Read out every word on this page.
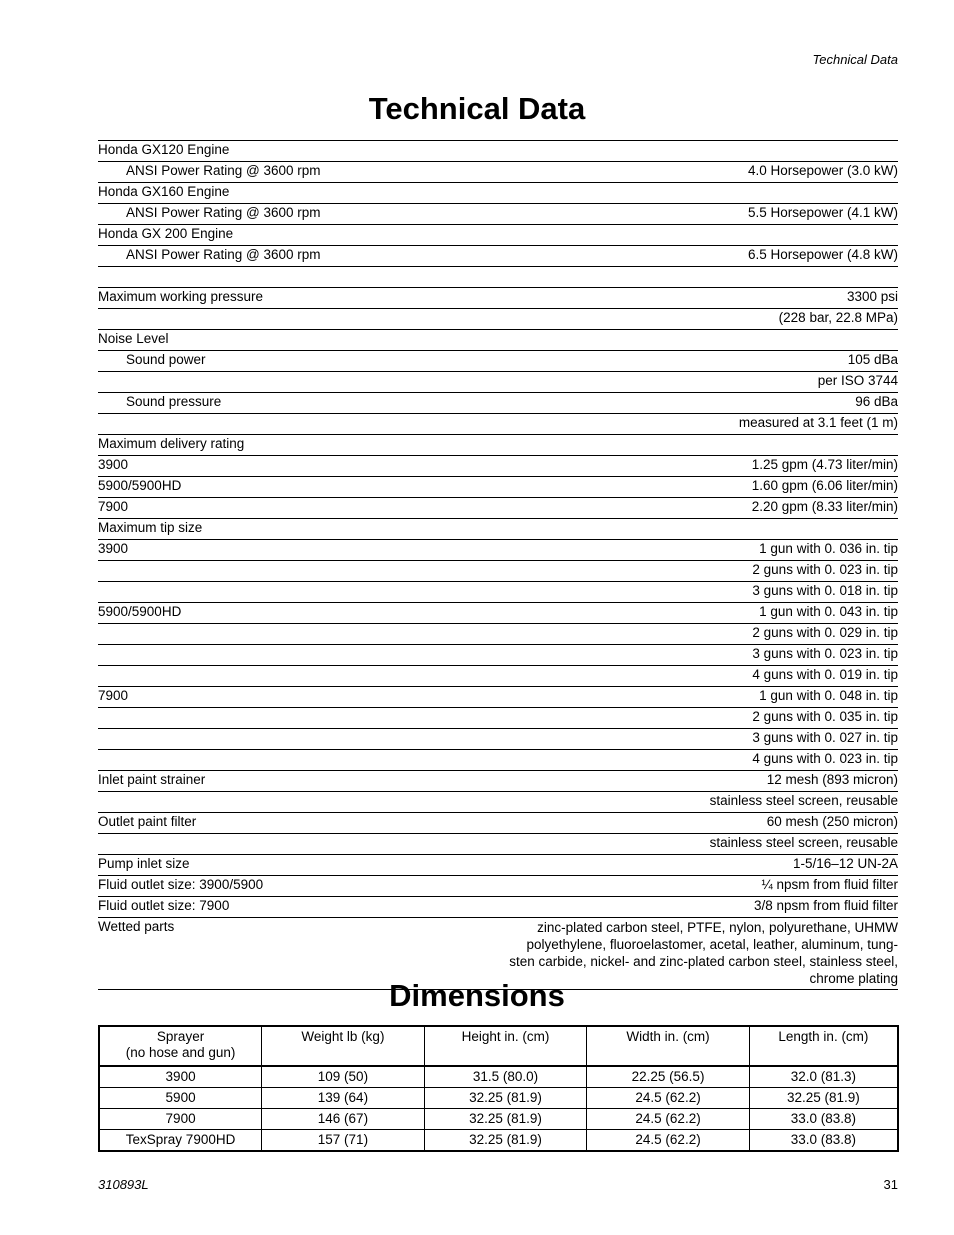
Technical Data
Technical Data
Honda GX120 Engine	
ANSI Power Rating @ 3600 rpm	4.0 Horsepower (3.0 kW)
Honda GX160 Engine	
ANSI Power Rating @ 3600 rpm	5.5 Horsepower (4.1 kW)
Honda GX 200 Engine	
ANSI Power Rating @ 3600 rpm	6.5 Horsepower (4.8 kW)

Maximum working pressure	3300 psi
	(228 bar, 22.8 MPa)
Noise Level	
Sound power	105 dBa
	per ISO 3744
Sound pressure	96 dBa
	measured at 3.1 feet (1 m)
Maximum delivery rating	
3900	1.25 gpm (4.73 liter/min)
5900/5900HD	1.60 gpm (6.06 liter/min)
7900	2.20 gpm (8.33 liter/min)
Maximum tip size	
3900	1 gun with 0. 036 in. tip
	2 guns with 0. 023 in. tip
	3 guns with 0. 018 in. tip
5900/5900HD	1 gun with 0. 043 in. tip
	2 guns with 0. 029 in. tip
	3 guns with 0. 023 in. tip
	4 guns with 0. 019 in. tip
7900	1 gun with 0. 048 in. tip
	2 guns with 0. 035 in. tip
	3 guns with 0. 027 in. tip
	4 guns with 0. 023 in. tip
Inlet paint strainer	12 mesh (893 micron)
	stainless steel screen, reusable
Outlet paint filter	60 mesh (250 micron)
	stainless steel screen, reusable
Pump inlet size	1-5/16–12 UN-2A
Fluid outlet size: 3900/5900	¼ npsm from fluid filter
Fluid outlet size: 7900	3/8 npsm from fluid filter
Wetted parts	zinc-plated carbon steel, PTFE, nylon, polyurethane, UHMW
polyethylene, fluoroelastomer, acetal, leather, aluminum, tung-
sten carbide, nickel- and zinc-plated carbon steel, stainless steel,
chrome plating
Dimensions
Sprayer
(no hose and gun)	Weight lb (kg)	Height in. (cm)	Width in. (cm)	Length in. (cm)

3900	109 (50)	31.5 (80.0)	22.25 (56.5)	32.0 (81.3)
5900	139 (64)	32.25 (81.9)	24.5 (62.2)	32.25 (81.9)
7900	146 (67)	32.25 (81.9)	24.5 (62.2)	33.0 (83.8)
TexSpray 7900HD	157 (71)	32.25 (81.9)	24.5 (62.2)	33.0 (83.8)
310893L	31
